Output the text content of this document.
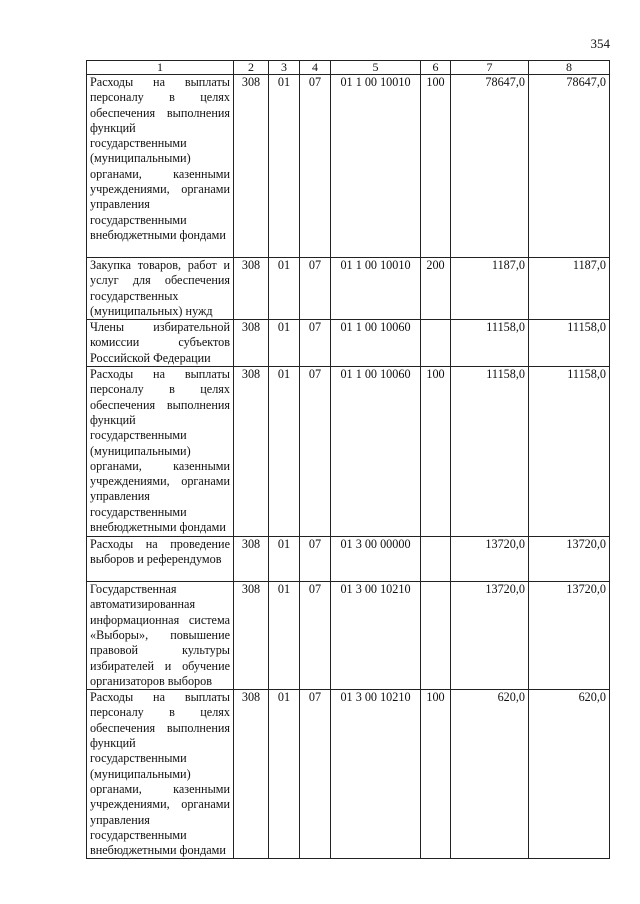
354
1	2	3	4	5	6	7	8
Расходы на выплаты персоналу в целях обеспечения выполнения функций государственными (муниципальными) органами, казенными учреждениями, органами управления государственными внебюджетными фондами	308	01	07	01 1 00 10010	100	78647,0	78647,0
Закупка товаров, работ и услуг для обеспечения государственных (муниципальных) нужд	308	01	07	01 1 00 10010	200	1187,0	1187,0
Члены избирательной комиссии субъектов Российской Федерации	308	01	07	01 1 00 10060		11158,0	11158,0
Расходы на выплаты персоналу в целях обеспечения выполнения функций государственными (муниципальными) органами, казенными учреждениями, органами управления государственными внебюджетными фондами	308	01	07	01 1 00 10060	100	11158,0	11158,0
Расходы на проведение выборов и референдумов	308	01	07	01 3 00 00000		13720,0	13720,0
Государственная автоматизированная информационная система «Выборы», повышение правовой культуры избирателей и обучение организаторов выборов	308	01	07	01 3 00 10210		13720,0	13720,0
Расходы на выплаты персоналу в целях обеспечения выполнения функций государственными (муниципальными) органами, казенными учреждениями, органами управления государственными внебюджетными фондами	308	01	07	01 3 00 10210	100	620,0	620,0
